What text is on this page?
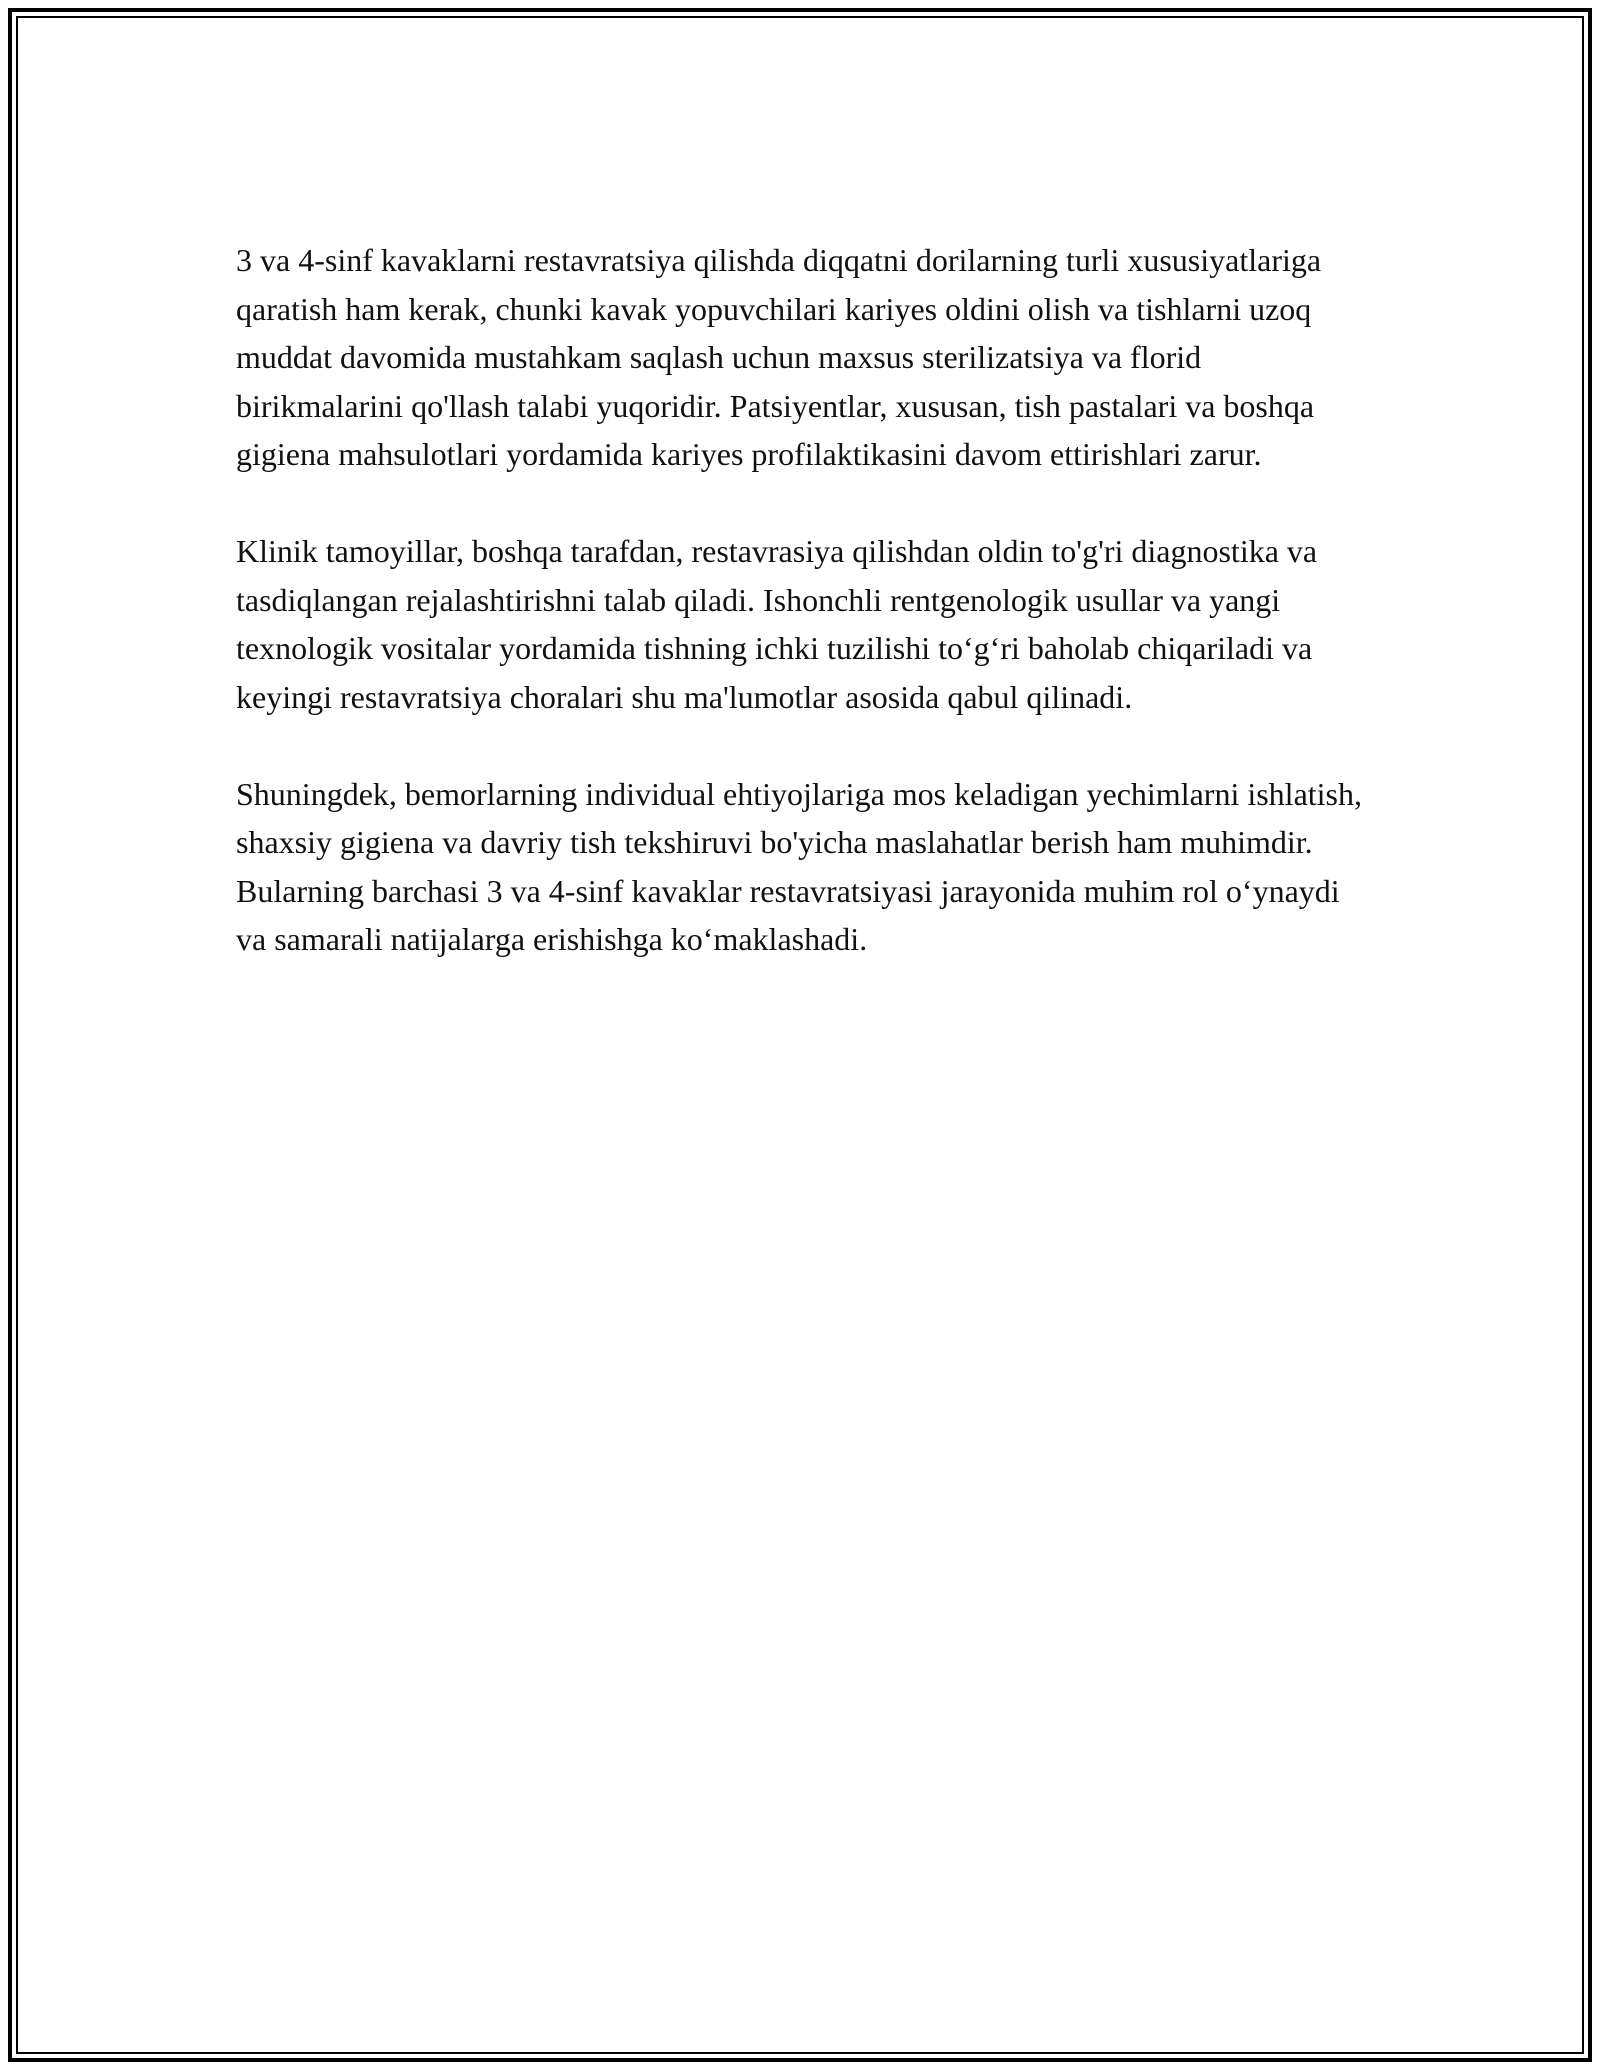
3 va 4-sinf kavaklarni restavratsiya qilishda diqqatni dorilarning turli xususiyatlariga qaratish ham kerak, chunki kavak yopuvchilari kariyes oldini olish va tishlarni uzoq muddat davomida mustahkam saqlash uchun maxsus sterilizatsiya va florid birikmalarini qo'llash talabi yuqoridir. Patsiyentlar, xususan, tish pastalari va boshqa gigiena mahsulotlari yordamida kariyes profilaktikasini davom ettirishlari zarur.

Klinik tamoyillar, boshqa tarafdan, restavrasiya qilishdan oldin to'g'ri diagnostika va tasdiqlangan rejalashtirishni talab qiladi. Ishonchli rentgenologik usullar va yangi texnologik vositalar yordamida tishning ichki tuzilishi to‘g‘ri baholab chiqariladi va keyingi restavratsiya choralari shu ma'lumotlar asosida qabul qilinadi.

Shuningdek, bemorlarning individual ehtiyojlariga mos keladigan yechimlarni ishlatish, shaxsiy gigiena va davriy tish tekshiruvi bo'yicha maslahatlar berish ham muhimdir. Bularning barchasi 3 va 4-sinf kavaklar restavratsiyasi jarayonida muhim rol o‘ynaydi va samarali natijalarga erishishga ko‘maklashadi.
